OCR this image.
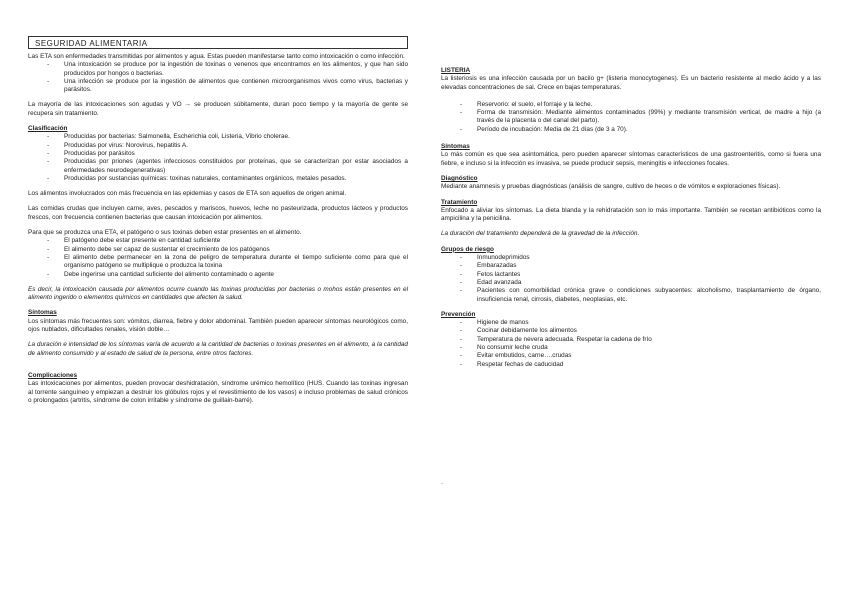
SEGURIDAD ALIMENTARIA

Las ETA son enfermedades transmitidas por alimentos y agua. Estas pueden manifestarse tanto como intoxicación o como infección.

- Una intoxicación se produce por la ingestión de toxinas o venenos que encontramos en los alimentos, y que han sido producidos por hongos o bacterias.
- Una infección se produce por la ingestión de alimentos que contienen microorganismos vivos como virus, bacterias y parásitos.

La mayoría de las intoxicaciones son agudas y VO → se producen súbitamente, duran poco tiempo y la mayoría de gente se recupera sin tratamiento.

Clasificación
- Producidas por bacterias: Salmonella, Escherichia coli, Listeria, Vibrio cholerae.
- Producidas por virus: Norovirus, hepatitis A.
- Producidas por parásitos
- Producidas por priones (agentes infecciosos constituidos por proteínas, que se caracterizan por estar asociados a enfermedades neurodegenerativas)
- Producidas por sustancias químicas: toxinas naturales, contaminantes orgánicos, metales pesados.

Los alimentos involucrados con más frecuencia en las epidemias y casos de ETA son aquellos de origen animal.

Las comidas crudas que incluyen carne, aves, pescados y mariscos, huevos, leche no pasteurizada, productos lácteos y productos frescos, con frecuencia contienen bacterias que causan intoxicación por alimentos.

Para que se produzca una ETA, el patógeno o sus toxinas deben estar presentes en el alimento.

- El patógeno debe estar presente en cantidad suficiente
- El alimento debe ser capaz de sustentar el crecimiento de los patógenos
- El alimento debe permanecer en la zona de peligro de temperatura durante el tiempo suficiente como para que el organismo patógeno se multiplique o produzca la toxina
- Debe ingerirse una cantidad suficiente del alimento contaminado o agente

Es decir, la intoxicación causada por alimentos ocurre cuando las toxinas producidas por bacterias o mohos están presentes en el alimento ingerido o elementos químicos en cantidades que afecten la salud.

Síntomas

Los síntomas más frecuentes son: vómitos, diarrea, fiebre y dolor abdominal. También pueden aparecer síntomas neurológicos como, ojos nublados, dificultades renales, visión doble…

La duración e intensidad de los síntomas varía de acuerdo a la cantidad de bacterias o toxinas presentes en el alimento, a la cantidad de alimento consumido y al estado de salud de la persona, entre otros factores.

Complicaciones

Las intoxicaciones por alimentos, pueden provocar deshidratación, síndrome urémico hemolítico (HUS. Cuando las toxinas ingresan al torrente sanguíneo y empiezan a destruir los glóbulos rojos y el revestimiento de los vasos) e incluso problemas de salud crónicos o prolongados (artritis, síndrome de colon irritable y síndrome de guillain-barré).

LISTERIA

La listeriosis es una infección causada por un bacilo g+ (listeria monocytogenes). Es un bacterio resistente al medio ácido y a las elevadas concentraciones de sal. Crece en bajas temperaturas.

- Reservorio: el suelo, el forraje y la leche.
- Forma de transmisión: Mediante alimentos contaminados (99%) y mediante transmisión vertical, de madre a hijo (a través de la placenta o del canal del parto).
- Período de incubación: Media de 21 días (de 3 a 70).
Síntomas

Lo más común es que sea asintomática, pero pueden aparecer síntomas característicos de una gastroenteritis, como si fuera una fiebre, e incluso si la infección es invasiva, se puede producir sepsis, meningitis e infecciones focales.

Diagnóstico

Mediante anamnesis y pruebas diagnósticas (análisis de sangre, cultivo de heces o de vómitos e exploraciones físicas).

Tratamiento

Enfocado a aliviar los síntomas. La dieta blanda y la rehidratación son lo más importante. También se recetan antibióticos como la ampicilina y la penicilina.

La duración del tratamiento dependerá de la gravedad de la infección.

Grupos de riesgo
- Inmunodeprimidos
- Embarazadas
- Fetos lactantes
- Edad avanzada
- Pacientes con comorbilidad crónica grave o condiciones subyacentes: alcoholismo, trasplantamiento de órgano, insuficiencia renal, cirrosis, diabetes, neoplasias, etc.
Prevención
- Higiene de manos
- Cocinar debidamente los alimentos
- Temperatura de nevera adecuada. Respetar la cadena de frío
- No consumir leche cruda
- Evitar embutidos, carne….crudas
- Respetar fechas de caducidad
.
